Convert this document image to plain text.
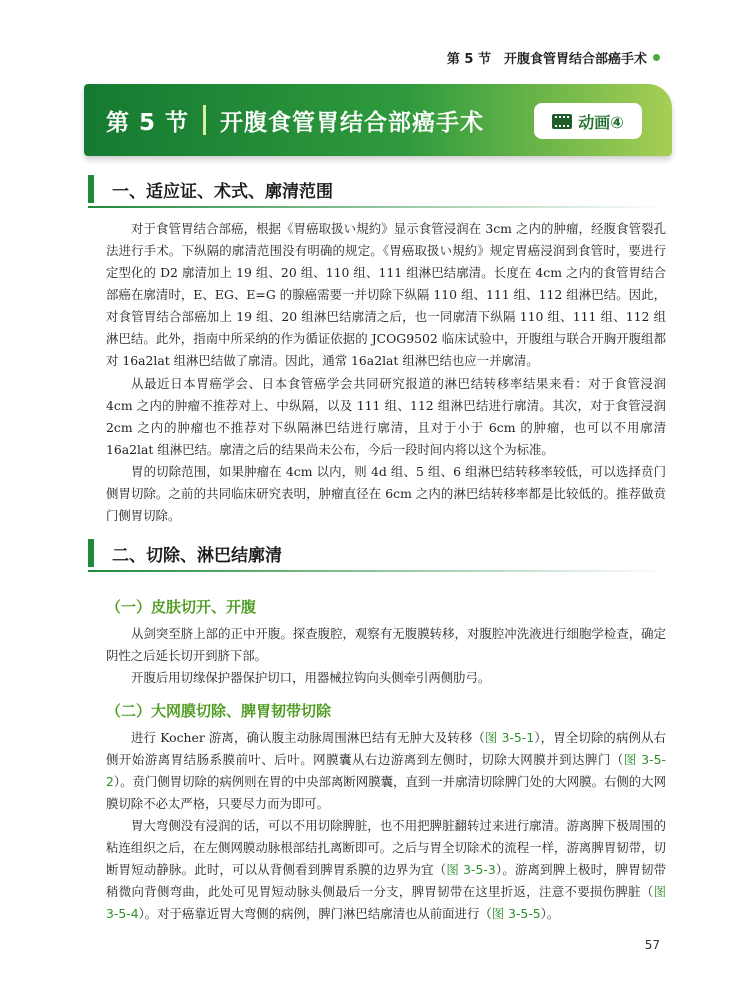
第 5 节　开腹食管胃结合部癌手术
第 5 节 开腹食管胃结合部癌手术	动画④
一、适应证、术式、廓清范围

对于食管胃结合部癌，根据《胃癌取扱い規約》显示食管浸润在 3cm 之内的肿瘤，经腹食管裂孔法进行手术。下纵隔的廓清范围没有明确的规定。《胃癌取扱い規約》规定胃癌浸润到食管时，要进行定型化的 D2 廓清加上 19 组、20 组、110 组、111 组淋巴结廓清。长度在 4cm 之内的食管胃结合部癌在廓清时，E、EG、E=G 的腺癌需要一并切除下纵隔 110 组、111 组、112 组淋巴结。因此，对食管胃结合部癌加上 19 组、20 组淋巴结廓清之后，也一同廓清下纵隔 110 组、111 组、112 组淋巴结。此外，指南中所采纳的作为循证依据的 JCOG9502 临床试验中，开腹组与联合开胸开腹组都对 16a2lat 组淋巴结做了廓清。因此，通常 16a2lat 组淋巴结也应一并廓清。

从最近日本胃癌学会、日本食管癌学会共同研究报道的淋巴结转移率结果来看：对于食管浸润 4cm 之内的肿瘤不推荐对上、中纵隔，以及 111 组、112 组淋巴结进行廓清。其次，对于食管浸润 2cm 之内的肿瘤也不推荐对下纵隔淋巴结进行廓清，且对于小于 6cm 的肿瘤，也可以不用廓清 16a2lat 组淋巴结。廓清之后的结果尚未公布，今后一段时间内将以这个为标准。

胃的切除范围，如果肿瘤在 4cm 以内，则 4d 组、5 组、6 组淋巴结转移率较低，可以选择贲门侧胃切除。之前的共同临床研究表明，肿瘤直径在 6cm 之内的淋巴结转移率都是比较低的。推荐做贲门侧胃切除。

二、切除、淋巴结廓清
（一）皮肤切开、开腹

从剑突至脐上部的正中开腹。探查腹腔，观察有无腹膜转移，对腹腔冲洗液进行细胞学检查，确定阴性之后延长切开到脐下部。

开腹后用切缘保护器保护切口，用器械拉钩向头侧牵引两侧肋弓。

（二）大网膜切除、脾胃韧带切除

进行 Kocher 游离，确认腹主动脉周围淋巴结有无肿大及转移（图 3-5-1），胃全切除的病例从右侧开始游离胃结肠系膜前叶、后叶。网膜囊从右边游离到左侧时，切除大网膜并到达脾门（图 3-5-2）。贲门侧胃切除的病例则在胃的中央部离断网膜囊，直到一并廓清切除脾门处的大网膜。右侧的大网膜切除不必太严格，只要尽力而为即可。

胃大弯侧没有浸润的话，可以不用切除脾脏，也不用把脾脏翻转过来进行廓清。游离脾下极周围的粘连组织之后，在左侧网膜动脉根部结扎离断即可。之后与胃全切除术的流程一样，游离脾胃韧带，切断胃短动静脉。此时，可以从背侧看到脾胃系膜的边界为宜（图 3-5-3）。游离到脾上极时，脾胃韧带稍微向背侧弯曲，此处可见胃短动脉头侧最后一分支，脾胃韧带在这里折返，注意不要损伤脾脏（图 3-5-4）。对于癌靠近胃大弯侧的病例，脾门淋巴结廓清也从前面进行（图 3-5-5）。

57
